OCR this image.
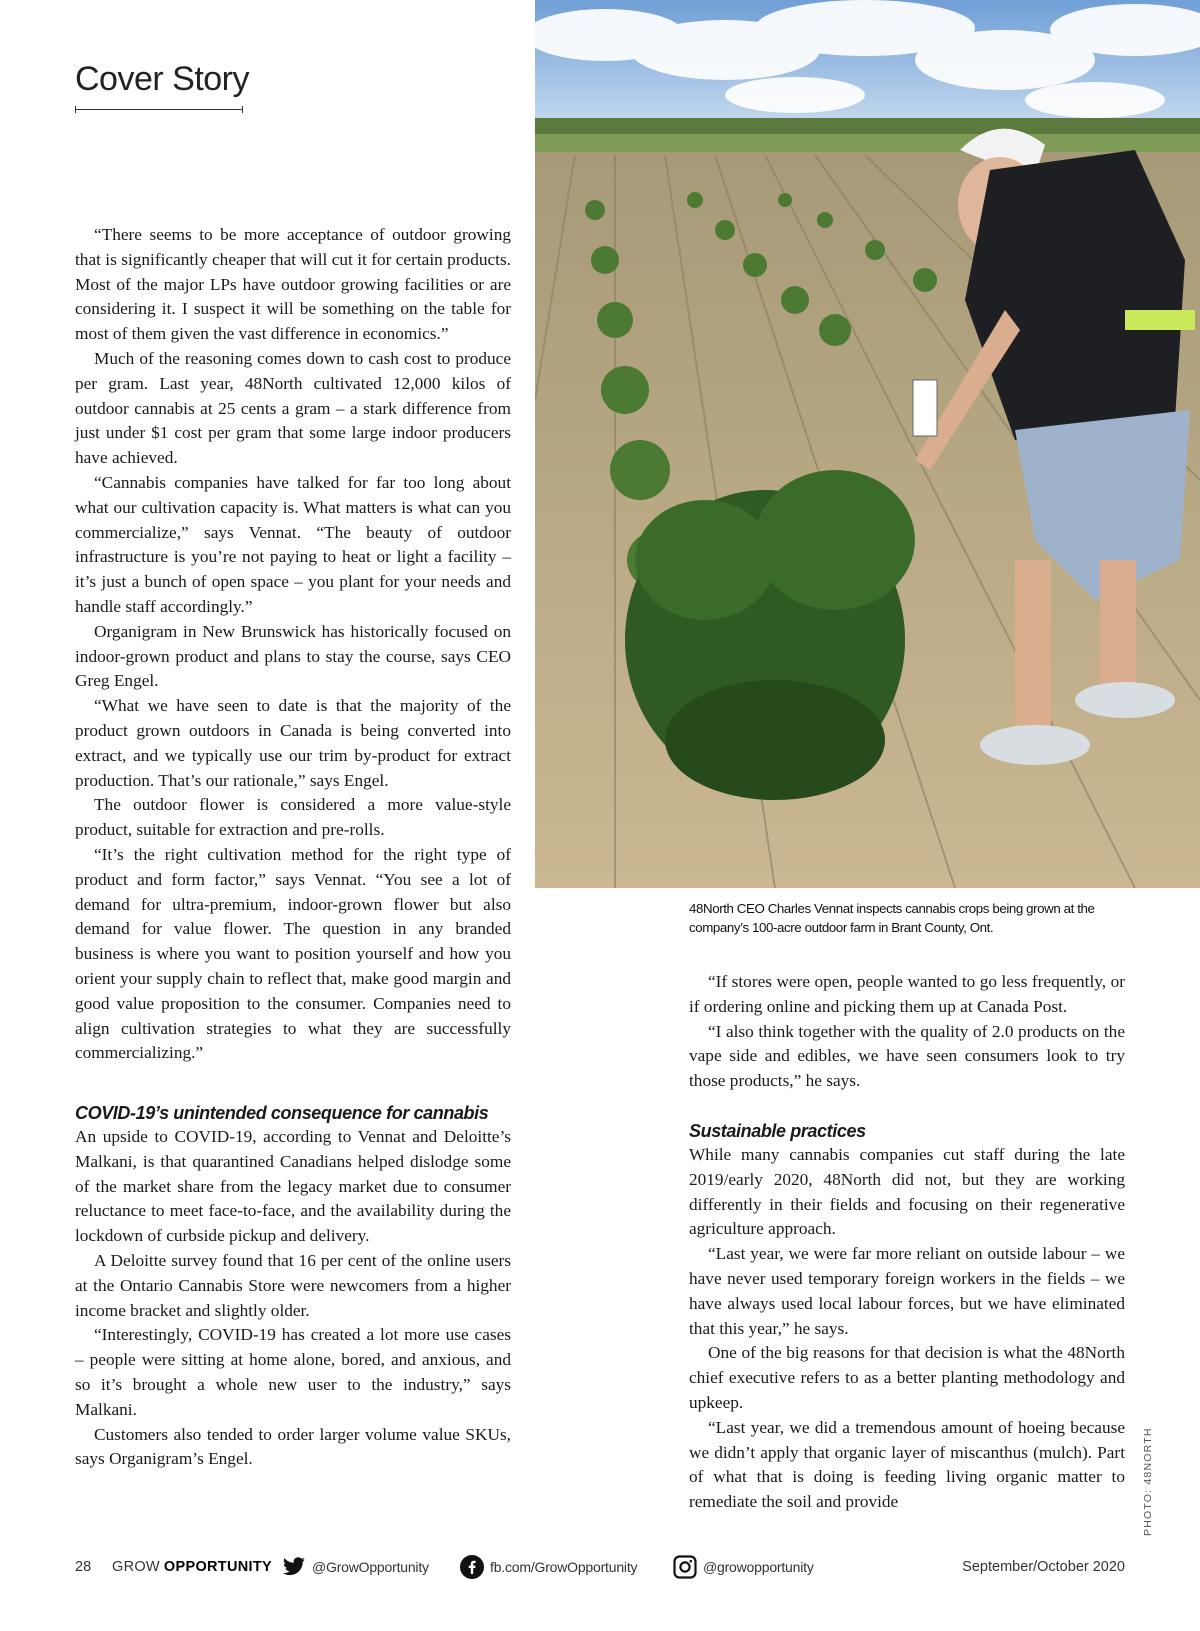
Cover Story

48North CEO Charles Vennat inspects cannabis crops being grown at the company’s 100-acre outdoor farm in Brant County, Ont.

PHOTO: 48NORTH

“There seems to be more acceptance of outdoor growing that is significantly cheaper that will cut it for certain products. Most of the major LPs have outdoor growing facilities or are considering it. I suspect it will be something on the table for most of them given the vast difference in economics.”

Much of the reasoning comes down to cash cost to produce per gram. Last year, 48North cultivated 12,000 kilos of outdoor cannabis at 25 cents a gram – a stark difference from just under $1 cost per gram that some large indoor producers have achieved.

“Cannabis companies have talked for far too long about what our cultivation capacity is. What matters is what can you commercialize,” says Vennat. “The beauty of outdoor infrastructure is you’re not paying to heat or light a facility – it’s just a bunch of open space – you plant for your needs and handle staff accordingly.”

Organigram in New Brunswick has historically focused on indoor-grown product and plans to stay the course, says CEO Greg Engel.

“What we have seen to date is that the majority of the product grown outdoors in Canada is being converted into extract, and we typically use our trim by-product for extract production. That’s our rationale,” says Engel.

The outdoor flower is considered a more value-style product, suitable for extraction and pre-rolls.

“It’s the right cultivation method for the right type of product and form factor,” says Vennat. “You see a lot of demand for ultra-premium, indoor-grown flower but also demand for value flower. The question in any branded business is where you want to position yourself and how you orient your supply chain to reflect that, make good margin and good value proposition to the consumer. Companies need to align cultivation strategies to what they are successfully commercializing.”

COVID-19’s unintended consequence for cannabis

An upside to COVID-19, according to Vennat and Deloitte’s Malkani, is that quarantined Canadians helped dislodge some of the market share from the legacy market due to consumer reluctance to meet face-to-face, and the availability during the lockdown of curbside pickup and delivery.

A Deloitte survey found that 16 per cent of the online users at the Ontario Cannabis Store were newcomers from a higher income bracket and slightly older.

“Interestingly, COVID-19 has created a lot more use cases – people were sitting at home alone, bored, and anxious, and so it’s brought a whole new user to the industry,” says Malkani.

Customers also tended to order larger volume value SKUs, says Organigram’s Engel.

“If stores were open, people wanted to go less frequently, or if ordering online and picking them up at Canada Post.

“I also think together with the quality of 2.0 products on the vape side and edibles, we have seen consumers look to try those products,” he says.

Sustainable practices

While many cannabis companies cut staff during the late 2019/early 2020, 48North did not, but they are working differently in their fields and focusing on their regenerative agriculture approach.

“Last year, we were far more reliant on outside labour – we have never used temporary foreign workers in the fields – we have always used local labour forces, but we have eliminated that this year,” he says.

One of the big reasons for that decision is what the 48North chief executive refers to as a better planting methodology and upkeep.

“Last year, we did a tremendous amount of hoeing because we didn’t apply that organic layer of miscanthus (mulch). Part of what that is doing is feeding living organic matter to remediate the soil and provide

28 GROW OPPORTUNITY	@GrowOpportunity	fb.com/GrowOpportunity	@growopportunity	September/October 2020
